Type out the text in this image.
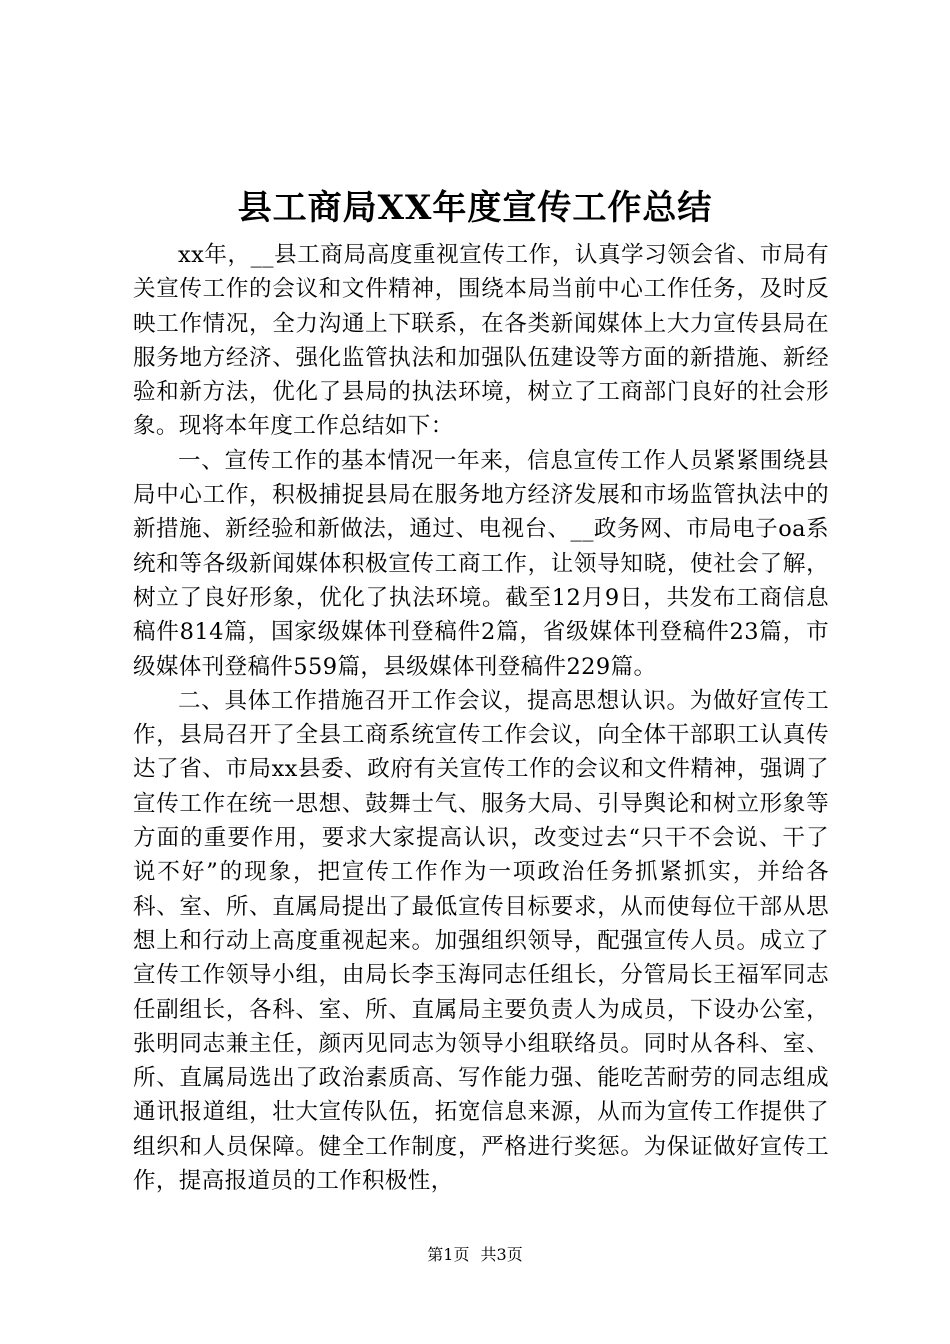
县工商局XX年度宣传工作总结

xx年，__县工商局高度重视宣传工作，认真学习领会省、市局有关宣传工作的会议和文件精神，围绕本局当前中心工作任务，及时反映工作情况，全力沟通上下联系，在各类新闻媒体上大力宣传县局在服务地方经济、强化监管执法和加强队伍建设等方面的新措施、新经验和新方法，优化了县局的执法环境，树立了工商部门良好的社会形象。现将本年度工作总结如下：

一、宣传工作的基本情况一年来，信息宣传工作人员紧紧围绕县局中心工作，积极捕捉县局在服务地方经济发展和市场监管执法中的新措施、新经验和新做法，通过、电视台、__政务网、市局电子oa系统和等各级新闻媒体积极宣传工商工作，让领导知晓，使社会了解，树立了良好形象，优化了执法环境。截至12月9日，共发布工商信息稿件814篇，国家级媒体刊登稿件2篇，省级媒体刊登稿件23篇，市级媒体刊登稿件559篇，县级媒体刊登稿件229篇。

二、具体工作措施召开工作会议，提高思想认识。为做好宣传工作，县局召开了全县工商系统宣传工作会议，向全体干部职工认真传达了省、市局xx县委、政府有关宣传工作的会议和文件精神，强调了宣传工作在统一思想、鼓舞士气、服务大局、引导舆论和树立形象等方面的重要作用，要求大家提高认识，改变过去“只干不会说、干了说不好”的现象，把宣传工作作为一项政治任务抓紧抓实，并给各科、室、所、直属局提出了最低宣传目标要求，从而使每位干部从思想上和行动上高度重视起来。加强组织领导，配强宣传人员。成立了宣传工作领导小组，由局长李玉海同志任组长，分管局长王福军同志任副组长，各科、室、所、直属局主要负责人为成员，下设办公室，张明同志兼主任，颜丙见同志为领导小组联络员。同时从各科、室、所、直属局选出了政治素质高、写作能力强、能吃苦耐劳的同志组成通讯报道组，壮大宣传队伍，拓宽信息来源，从而为宣传工作提供了组织和人员保障。健全工作制度，严格进行奖惩。为保证做好宣传工作，提高报道员的工作积极性，

第1页 共3页
